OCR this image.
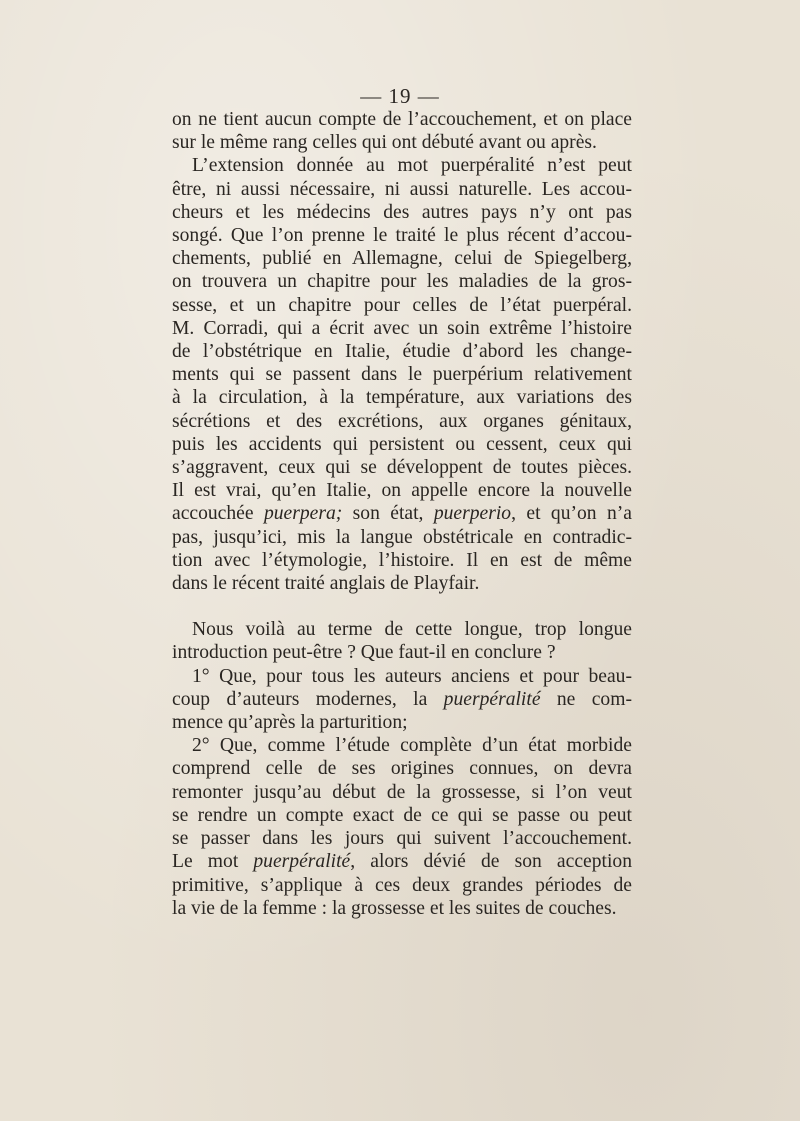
— 19 —
on ne tient aucun compte de l’accouchement, et on place
sur le même rang celles qui ont débuté avant ou après.
L’extension donnée au mot puerpéralité n’est peut
être, ni aussi nécessaire, ni aussi naturelle. Les accou-
cheurs et les médecins des autres pays n’y ont pas
songé. Que l’on prenne le traité le plus récent d’accou-
chements, publié en Allemagne, celui de Spiegelberg,
on trouvera un chapitre pour les maladies de la gros-
sesse, et un chapitre pour celles de l’état puerpéral.
M. Corradi, qui a écrit avec un soin extrême l’histoire
de l’obstétrique en Italie, étudie d’abord les change-
ments qui se passent dans le puerpérium relativement
à la circulation, à la température, aux variations des
sécrétions et des excrétions, aux organes génitaux,
puis les accidents qui persistent ou cessent, ceux qui
s’aggravent, ceux qui se développent de toutes pièces.
Il est vrai, qu’en Italie, on appelle encore la nouvelle
accouchée puerpera; son état, puerperio, et qu’on n’a
pas, jusqu’ici, mis la langue obstétricale en contradic-
tion avec l’étymologie, l’histoire. Il en est de même
dans le récent traité anglais de Playfair.
Nous voilà au terme de cette longue, trop longue
introduction peut-être ? Que faut-il en conclure ?
1° Que, pour tous les auteurs anciens et pour beau-
coup d’auteurs modernes, la puerpéralité ne com-
mence qu’après la parturition;
2° Que, comme l’étude complète d’un état morbide
comprend celle de ses origines connues, on devra
remonter jusqu’au début de la grossesse, si l’on veut
se rendre un compte exact de ce qui se passe ou peut
se passer dans les jours qui suivent l’accouchement.
Le mot puerpéralité, alors dévié de son acception
primitive, s’applique à ces deux grandes périodes de
la vie de la femme : la grossesse et les suites de couches.
